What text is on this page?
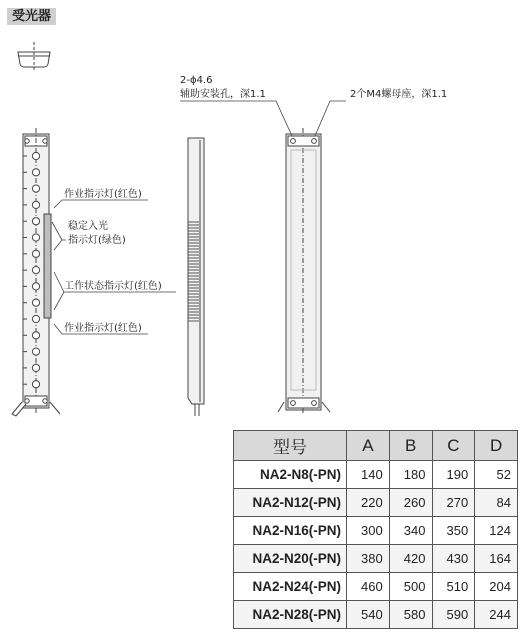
受光器
作业指示灯(红色)
稳定入光
指示灯(绿色)
工作状态指示灯(红色)
作业指示灯(红色)
2-ϕ4.6
辅助安装孔，深1.1	2个M4螺母座，深1.1
型号	A	B	C	D
NA2-N8(-PN)	140	180	190	52
NA2-N12(-PN)	220	260	270	84
NA2-N16(-PN)	300	340	350	124
NA2-N20(-PN)	380	420	430	164
NA2-N24(-PN)	460	500	510	204
NA2-N28(-PN)	540	580	590	244
